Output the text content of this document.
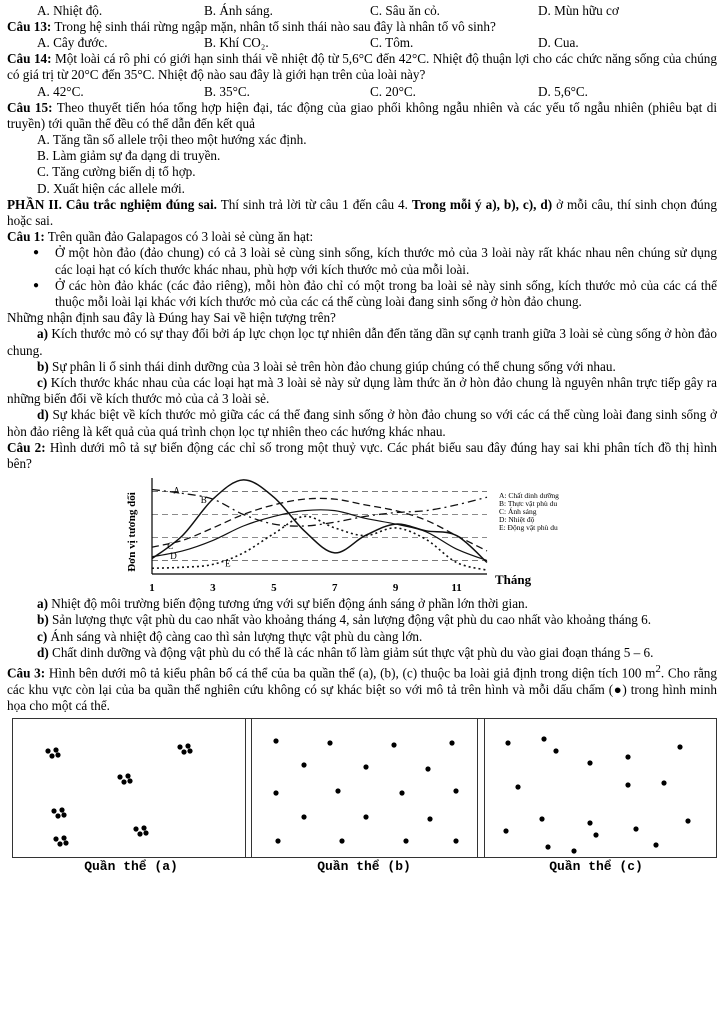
A. Nhiệt độ.	B. Ánh sáng.	C. Sâu ăn cỏ.	D. Mùn hữu cơ

Câu 13: Trong hệ sinh thái rừng ngập mặn, nhân tố sinh thái nào sau đây là nhân tố vô sinh?

A. Cây đước.	B. Khí CO₂.	C. Tôm.	D. Cua.

Câu 14: Một loài cá rô phi có giới hạn sinh thái về nhiệt độ từ 5,6°C đến 42°C. Nhiệt độ thuận lợi cho các chức năng sống của chúng có giá trị từ 20°C đến 35°C. Nhiệt độ nào sau đây là giới hạn trên của loài này?

A. 42°C.	B. 35°C.	C. 20°C.	D. 5,6°C.

Câu 15: Theo thuyết tiến hóa tổng hợp hiện đại, tác động của giao phối không ngẫu nhiên và các yếu tố ngẫu nhiên (phiêu bạt di truyền) tới quần thể đều có thể dẫn đến kết quả

A. Tăng tần số allele trội theo một hướng xác định.
B. Làm giảm sự đa dạng di truyền.
C. Tăng cường biến dị tổ hợp.
D. Xuất hiện các allele mới.

PHẦN II. Câu trắc nghiệm đúng sai. Thí sinh trả lời từ câu 1 đến câu 4. Trong mỗi ý a), b), c), d) ở mỗi câu, thí sinh chọn đúng hoặc sai.

Câu 1: Trên quần đảo Galapagos có 3 loài sẻ cùng ăn hạt:

● Ở một hòn đảo (đảo chung) có cả 3 loài sẻ cùng sinh sống, kích thước mỏ của 3 loài này rất khác nhau nên chúng sử dụng các loại hạt có kích thước khác nhau, phù hợp với kích thước mỏ của mỗi loài.
● Ở các hòn đảo khác (các đảo riêng), mỗi hòn đảo chỉ có một trong ba loài sẻ này sinh sống, kích thước mỏ của các cá thể thuộc mỗi loài lại khác với kích thước mỏ của các cá thể cùng loài đang sinh sống ở hòn đảo chung.

Những nhận định sau đây là Đúng hay Sai về hiện tượng trên?

a) Kích thước mỏ có sự thay đổi bởi áp lực chọn lọc tự nhiên dẫn đến tăng dần sự cạnh tranh giữa 3 loài sẻ cùng sống ở hòn đảo chung.

b) Sự phân li ổ sinh thái dinh dưỡng của 3 loài sẻ trên hòn đảo chung giúp chúng có thể chung sống với nhau.

c) Kích thước khác nhau của các loại hạt mà 3 loài sẻ này sử dụng làm thức ăn ở hòn đảo chung là nguyên nhân trực tiếp gây ra những biến đổi về kích thước mỏ của cả 3 loài sẻ.

d) Sự khác biệt về kích thước mỏ giữa các cá thể đang sinh sống ở hòn đảo chung so với các cá thể cùng loài đang sinh sống ở hòn đảo riêng là kết quả của quá trình chọn lọc tự nhiên theo các hướng khác nhau.

Câu 2: Hình dưới mô tả sự biến động các chỉ số trong một thuỷ vực. Các phát biểu sau đây đúng hay sai khi phân tích đồ thị hình bên?

Đơn vị tương đối
1	3	5	7	9	11
A
B
C
D
E
A: Chất dinh dưỡng
B: Thực vật phù du
C: Ánh sáng
D: Nhiệt độ
E: Động vật phù du
Tháng

a) Nhiệt độ môi trường biến động tương ứng với sự biến động ánh sáng ở phần lớn thời gian.

b) Sản lượng thực vật phù du cao nhất vào khoảng tháng 4, sản lượng động vật phù du cao nhất vào khoảng tháng 6.

c) Ánh sáng và nhiệt độ càng cao thì sản lượng thực vật phù du càng lớn.

d) Chất dinh dưỡng và động vật phù du có thể là các nhân tố làm giảm sút thực vật phù du vào giai đoạn tháng 5 – 6.

Câu 3: Hình bên dưới mô tả kiểu phân bố cá thể của ba quần thể (a), (b), (c) thuộc ba loài giả định trong diện tích 100 $m^2$. Cho rằng các khu vực còn lại của ba quần thể nghiên cứu không có sự khác biệt so với mô tả trên hình và mỗi dấu chấm (●) trong hình minh họa cho một cá thể.

Quần thể (a)	Quần thể (b)	Quần thể (c)
